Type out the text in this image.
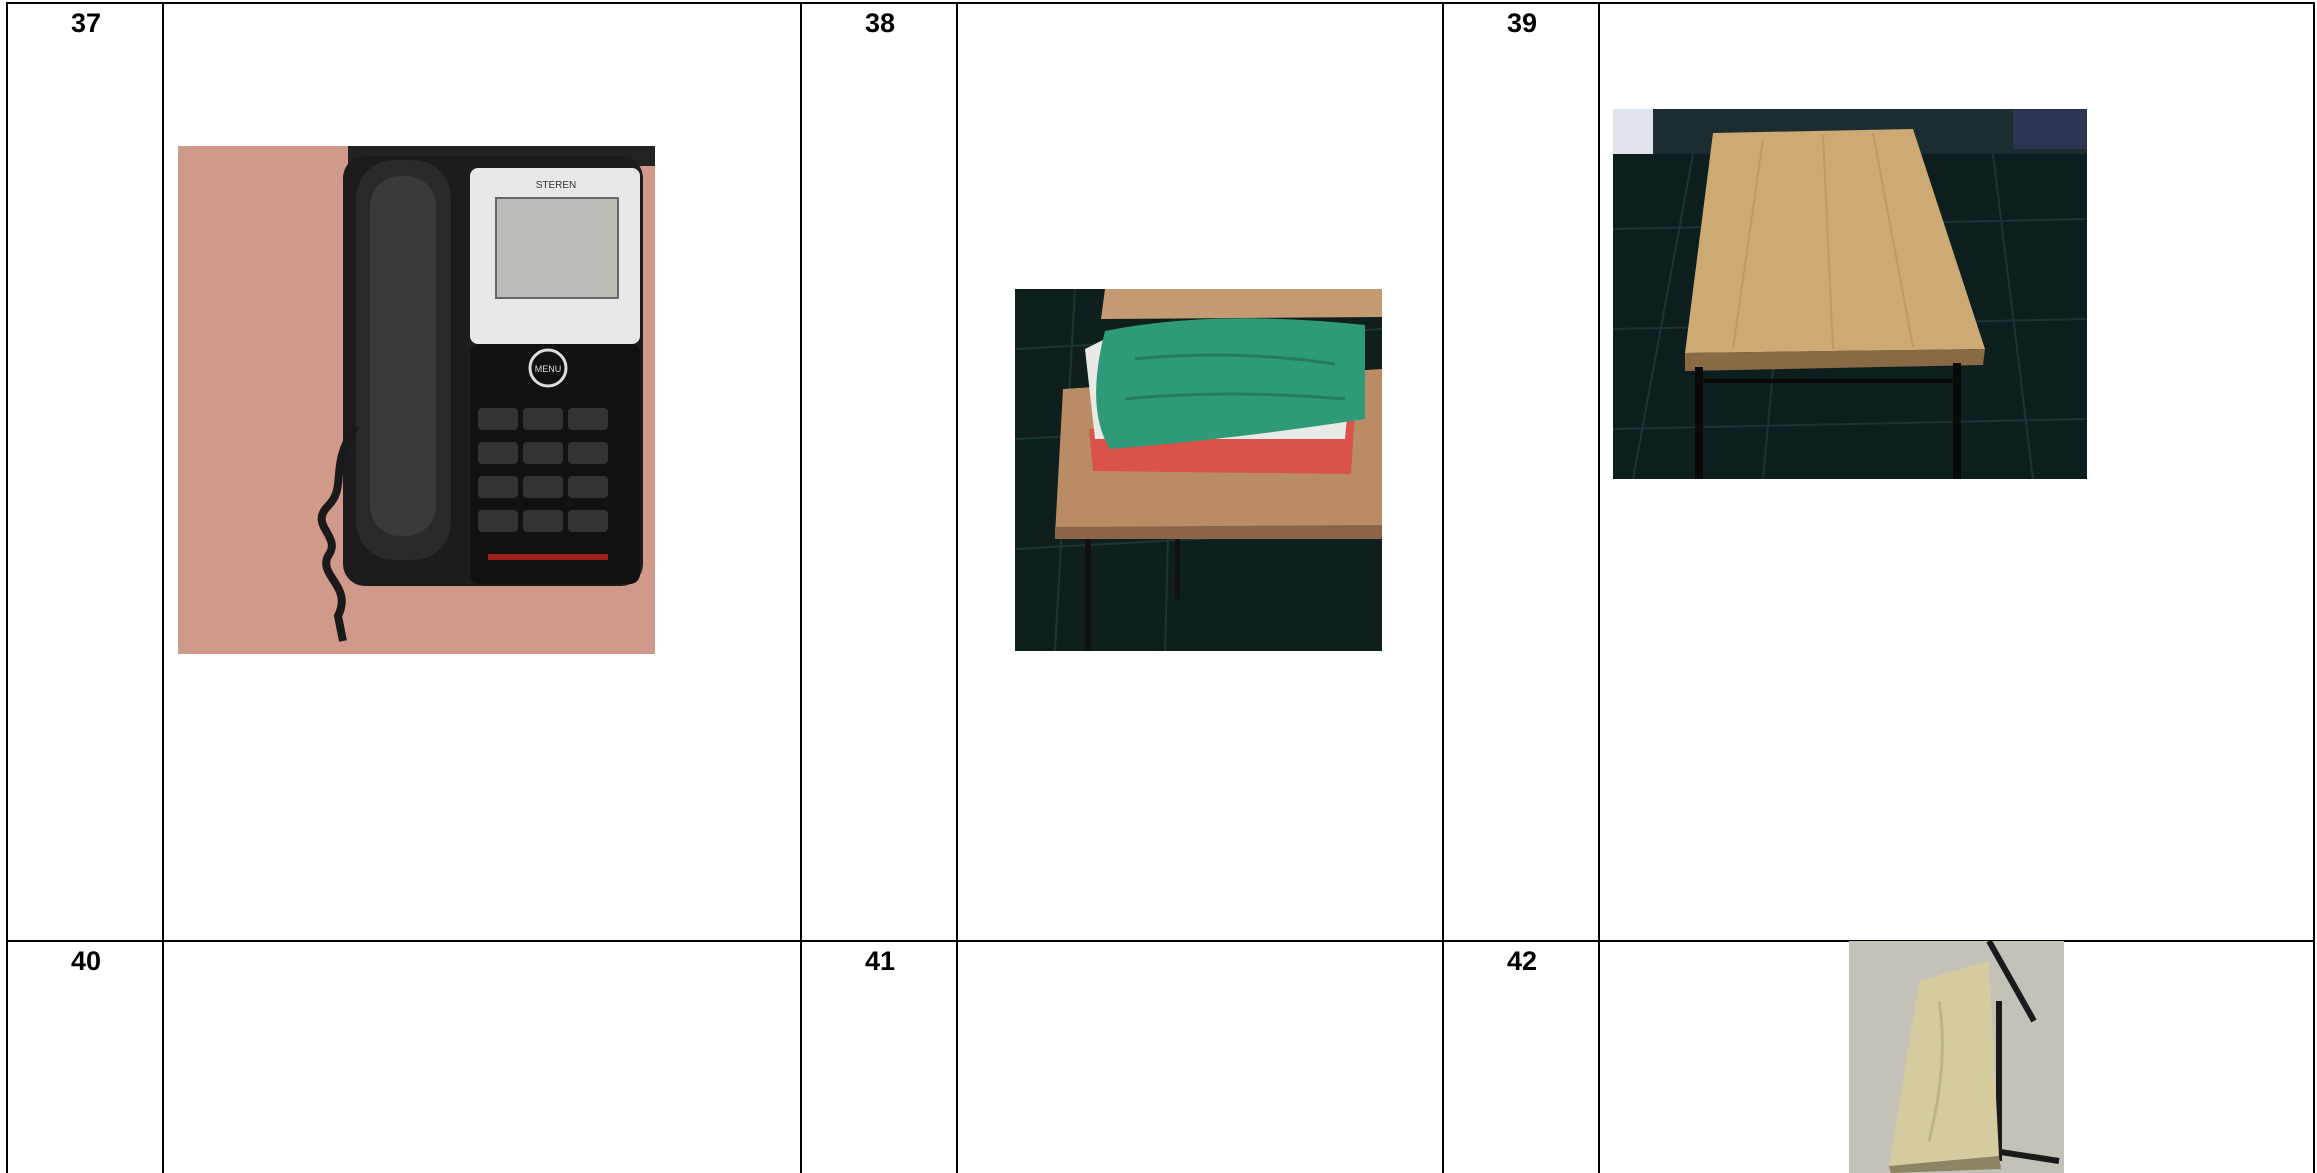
37	38	39
40	41	42
STEREN
MENU
